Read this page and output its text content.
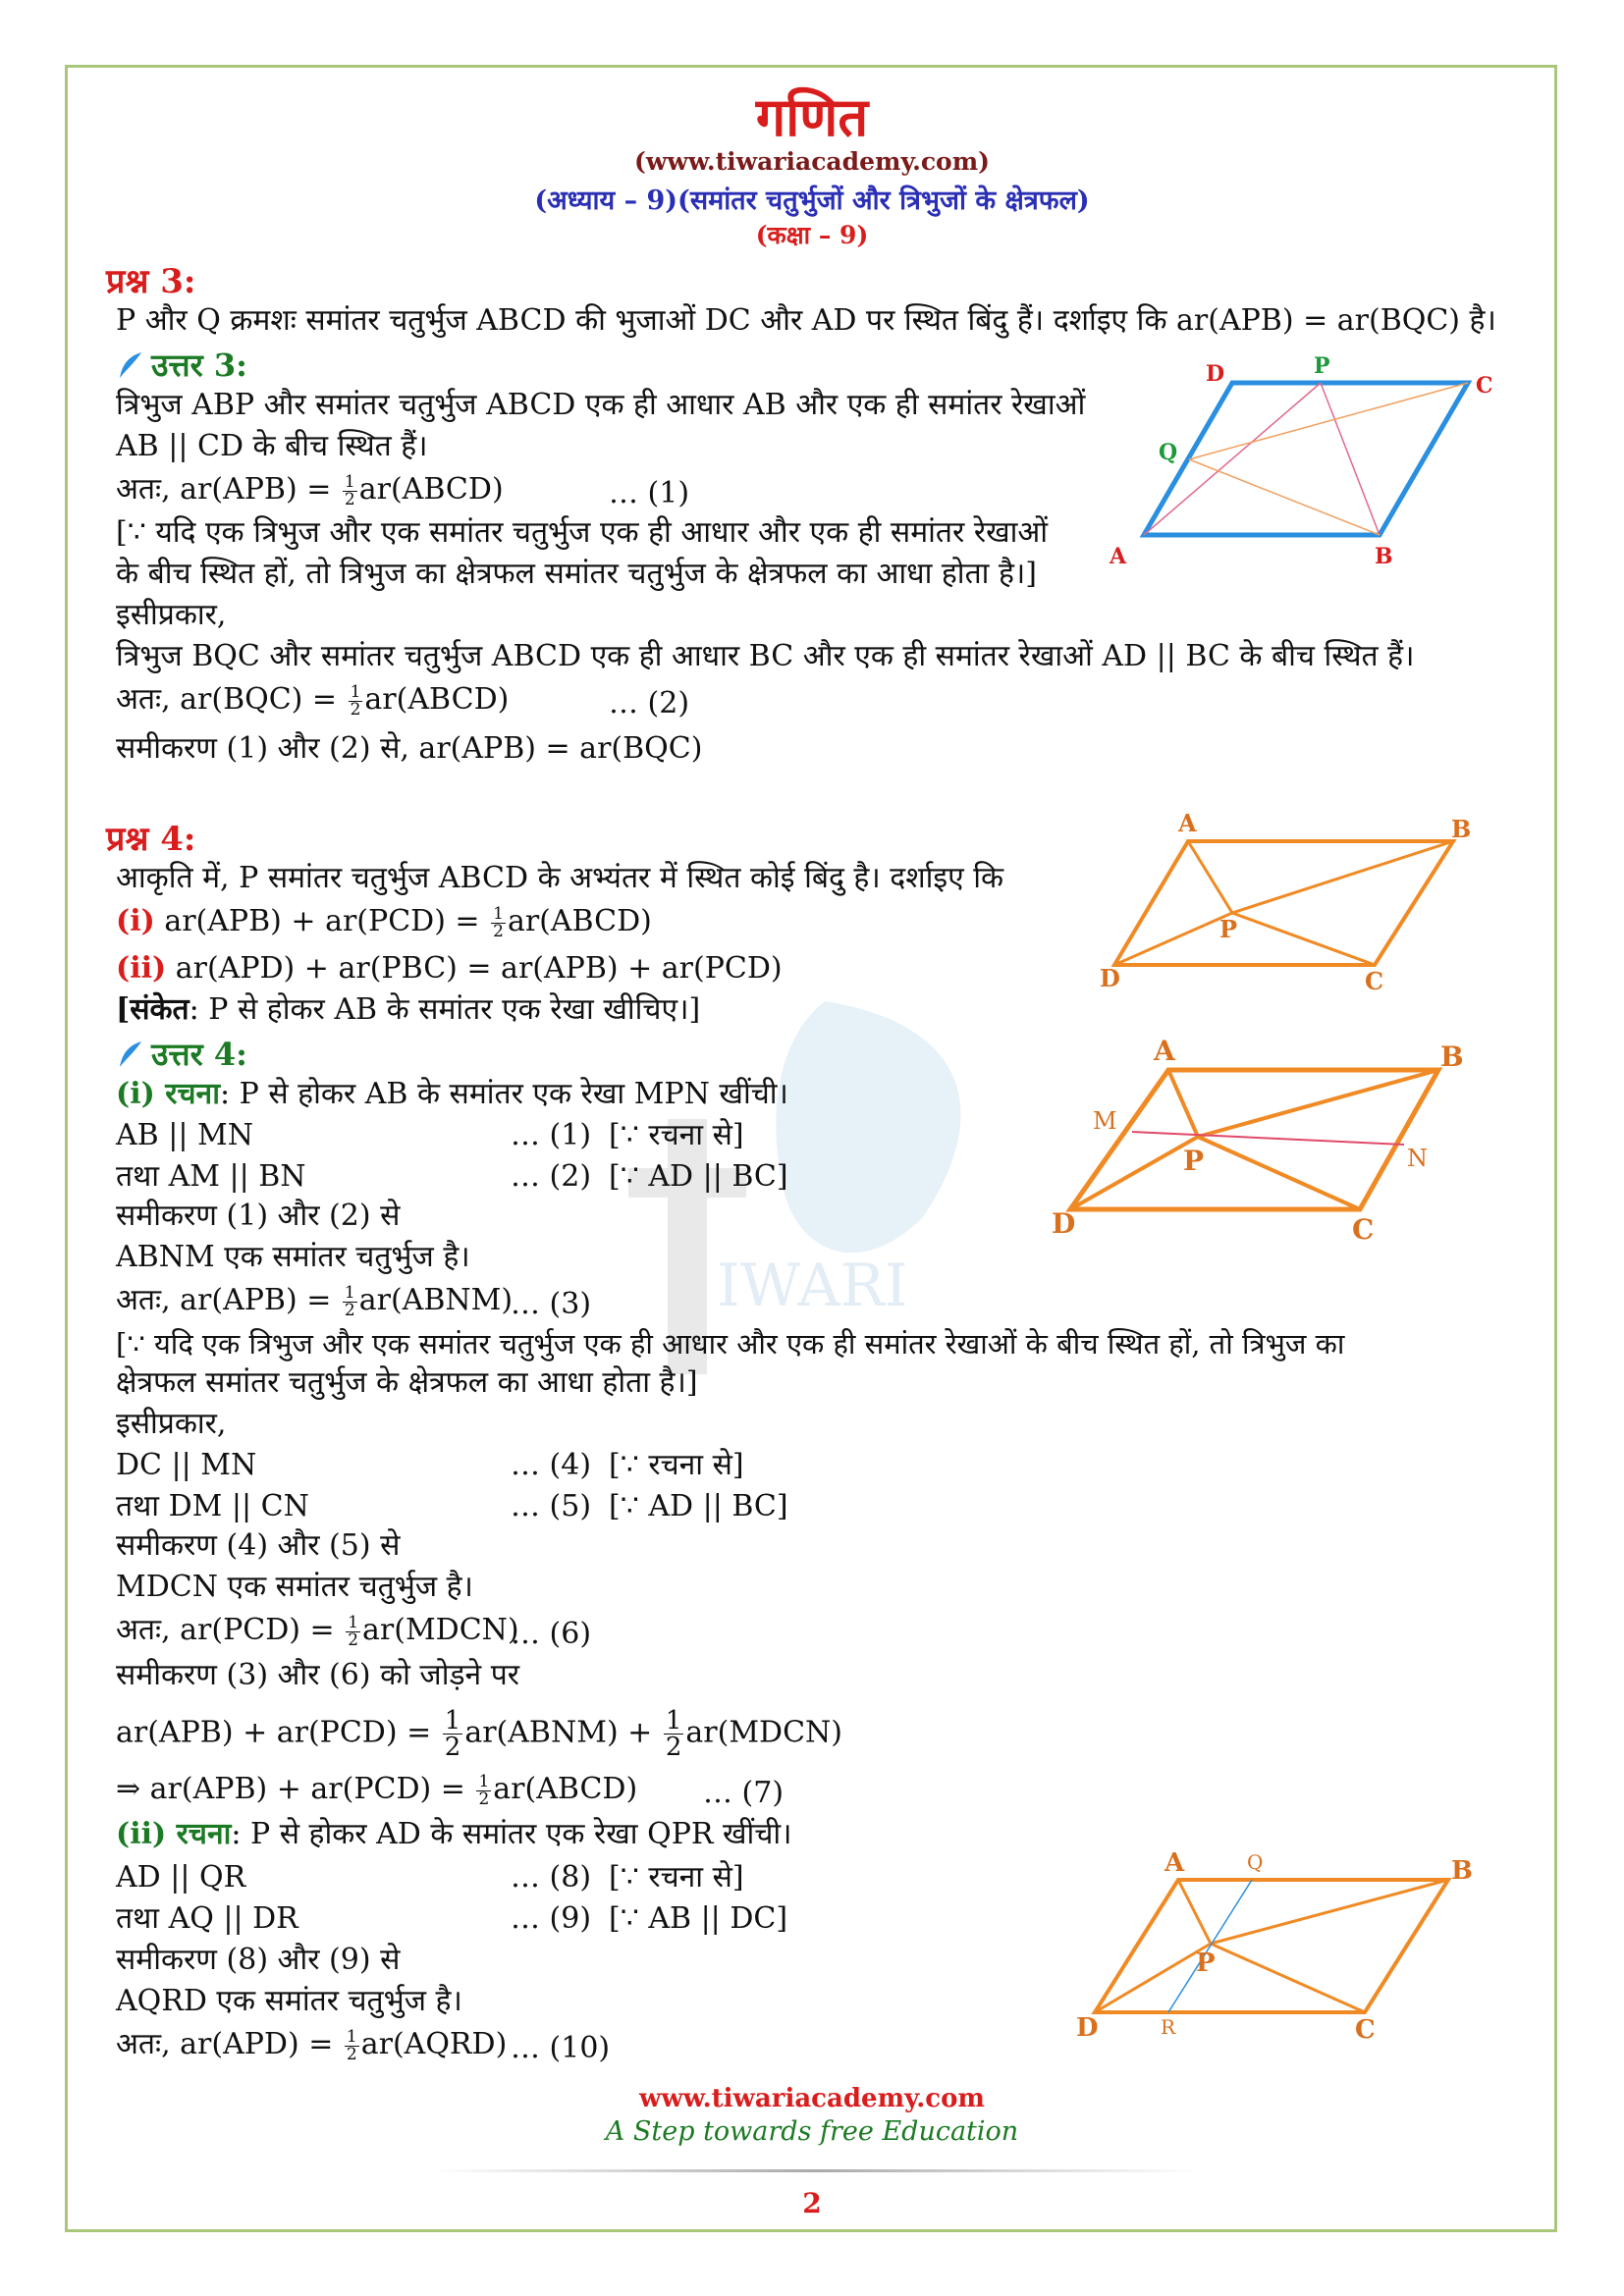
IWARI
गणित
(www.tiwariacademy.com)
(अध्याय – 9)(समांतर चतुर्भुजों और त्रिभुजों के क्षेत्रफल)
(कक्षा – 9)
प्रश्न 3:
P और Q क्रमशः समांतर चतुर्भुज ABCD की भुजाओं DC और AD पर स्थित बिंदु हैं। दर्शाइए कि ar(APB) = ar(BQC) है।
उत्तर 3:
त्रिभुज ABP और समांतर चतुर्भुज ABCD एक ही आधार AB और एक ही समांतर रेखाओं
AB || CD के बीच स्थित हैं।
अतः, $ar(APB) = \frac{1}{2}$ ar(ABCD)	… (1)
[∵ यदि एक त्रिभुज और एक समांतर चतुर्भुज एक ही आधार और एक ही समांतर रेखाओं
के बीच स्थित हों, तो त्रिभुज का क्षेत्रफल समांतर चतुर्भुज के क्षेत्रफल का आधा होता है।]
इसीप्रकार,
त्रिभुज BQC और समांतर चतुर्भुज ABCD एक ही आधार BC और एक ही समांतर रेखाओं AD || BC के बीच स्थित हैं।
अतः, $ar(BQC) = \frac{1}{2}$ ar(ABCD)	… (2)
समीकरण (1) और (2) से, ar(APB) = ar(BQC)
A	B
C
D	P
Q
प्रश्न 4:
आकृति में, P समांतर चतुर्भुज ABCD के अभ्यंतर में स्थित कोई बिंदु है। दर्शाइए कि
(i) $ar(APB) + ar(PCD) = \frac{1}{2}$ ar(ABCD)
(ii) ar(APD) + ar(PBC) = ar(APB) + ar(PCD)
[संकेत: P से होकर AB के समांतर एक रेखा खीचिए।]
उत्तर 4:
(i) रचना: P से होकर AB के समांतर एक रेखा MPN खींची।
AB || MN	… (1) [∵ रचना से]
तथा AM || BN	… (2) [∵ AD || BC]
समीकरण (1) और (2) से
ABNM एक समांतर चतुर्भुज है।
अतः, $ar(APB) = \frac{1}{2}$ ar(ABNM)
… (3)
[∵ यदि एक त्रिभुज और एक समांतर चतुर्भुज एक ही आधार और एक ही समांतर रेखाओं के बीच स्थित हों, तो त्रिभुज का
क्षेत्रफल समांतर चतुर्भुज के क्षेत्रफल का आधा होता है।]
इसीप्रकार,
DC || MN	… (4) [∵ रचना से]
तथा DM || CN	… (5) [∵ AD || BC]
समीकरण (4) और (5) से
MDCN एक समांतर चतुर्भुज है।
अतः, $ar(PCD) = \frac{1}{2}$ ar(MDCN)
… (6)
समीकरण (3) और (6) को जोड़ने पर
$ar(APB) + ar(PCD) = \frac{1}{2}$ ar(ABNM) + $\frac{1}{2}$ ar(MDCN)
⇒ $ar(APB) + ar(PCD) = \frac{1}{2}$ ar(ABCD) … (7)
(ii) रचना: P से होकर AD के समांतर एक रेखा QPR खींची।
AD || QR	… (8) [∵ रचना से]
तथा AQ || DR	… (9) [∵ AB || DC]
समीकरण (8) और (9) से
AQRD एक समांतर चतुर्भुज है।
अतः, $ar(APD) = \frac{1}{2}$ ar(AQRD) … (10)
A	B
C
D
P
A	B
C
D
P
M
N
A	B
C
D
P
Q
R
www.tiwariacademy.com
A Step towards free Education
2
